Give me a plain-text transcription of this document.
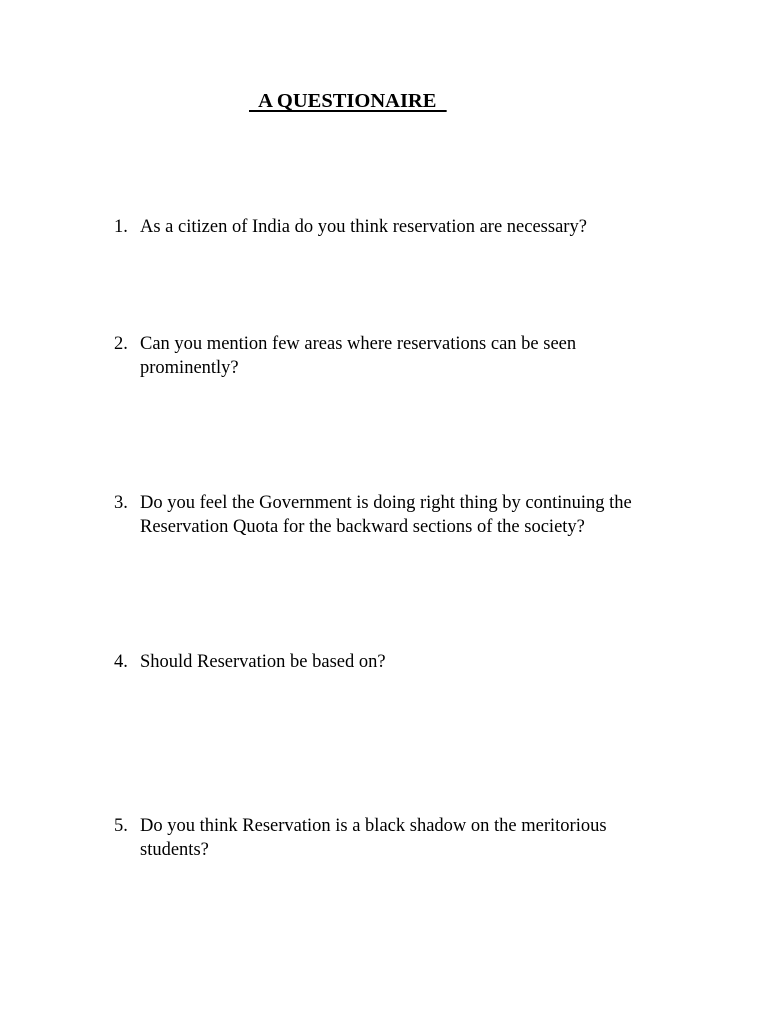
A QUESTIONAIRE
1. As a citizen of India do you think reservation are necessary?
2. Can you mention few areas where reservations can be seen prominently?
3. Do you feel the Government is doing right thing by continuing the Reservation Quota for the backward sections of the society?
4. Should Reservation be based on?
5. Do you think Reservation is a black shadow on the meritorious students?
